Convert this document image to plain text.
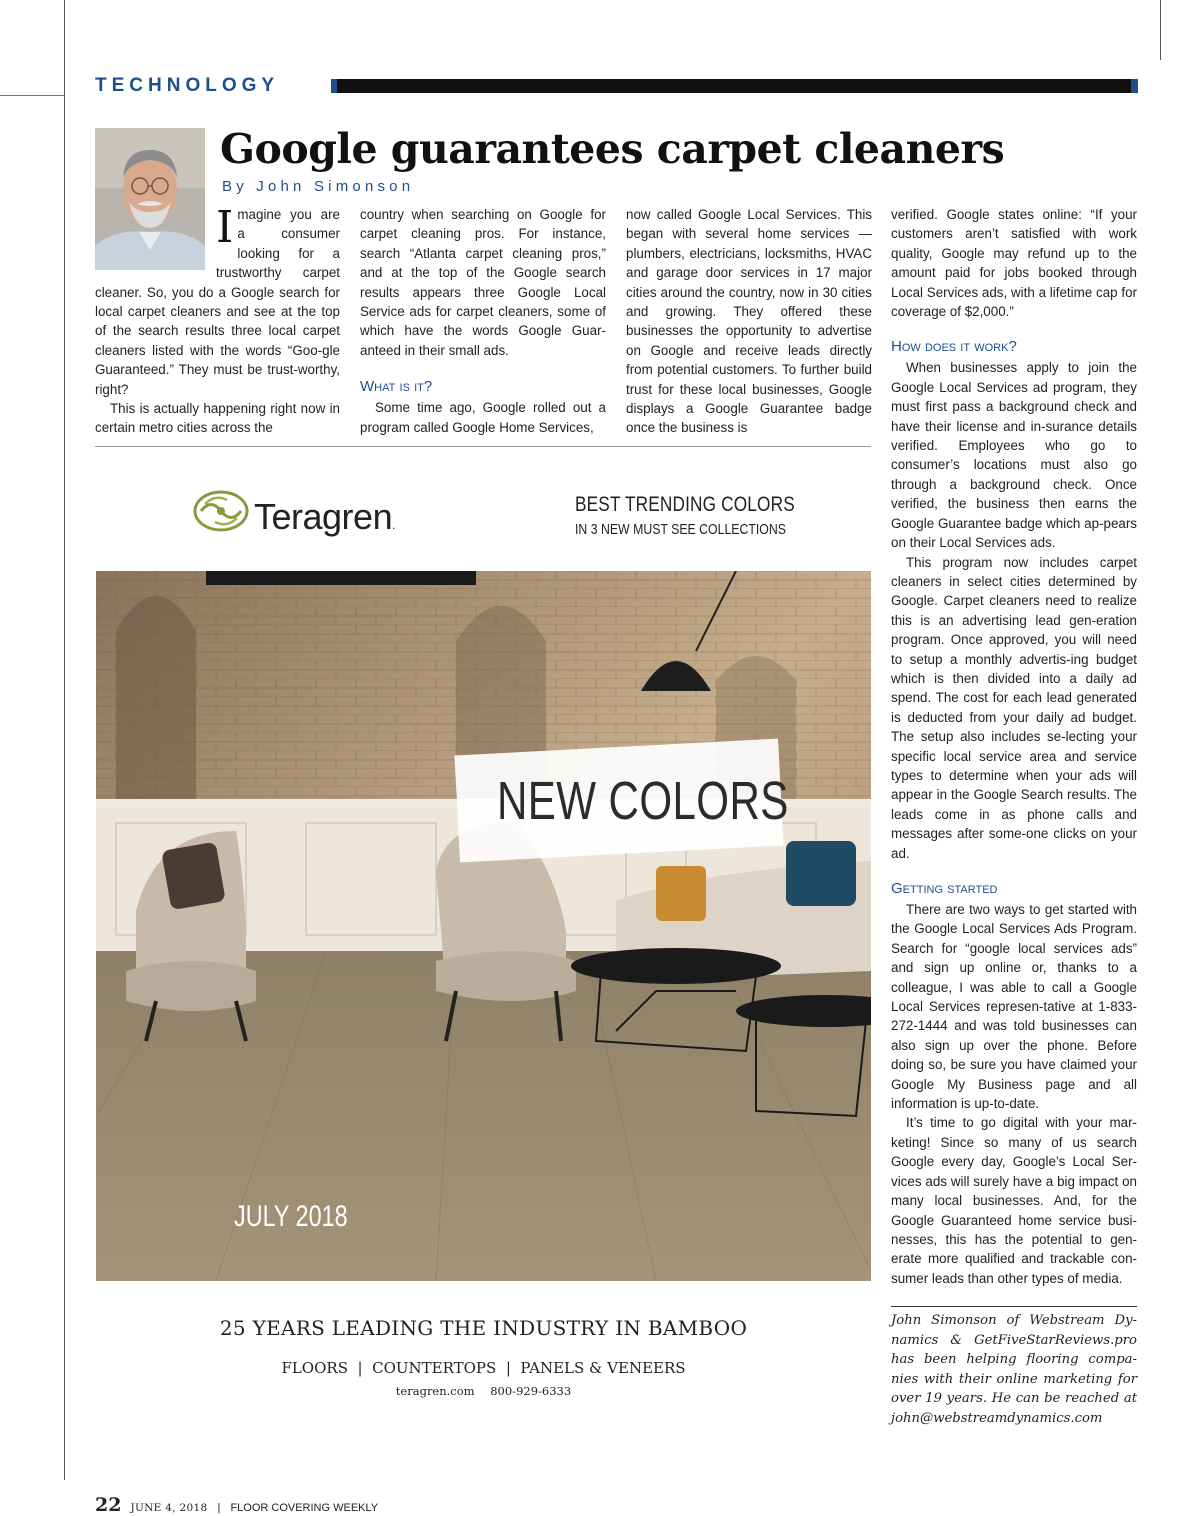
TECHNOLOGY
Google guarantees carpet cleaners
By John Simonson
I magine you are a consumer looking for a trustworthy carpet cleaner. So, you do a Google search for local carpet cleaners and see at the top of the search results three local carpet cleaners listed with the words “Goo-gle Guaranteed.” They must be trust-worthy, right?

This is actually happening right now in certain metro cities across the

country when searching on Google for carpet cleaning pros. For instance, search “Atlanta carpet cleaning pros,” and at the top of the Google search results appears three Google Local Service ads for carpet cleaners, some of which have the words Google Guar-anteed in their small ads.

What is it?

Some time ago, Google rolled out a program called Google Home Services,

now called Google Local Services. This began with several home services — plumbers, electricians, locksmiths, HVAC and garage door services in 17 major cities around the country, now in 30 cities and growing. They offered these businesses the opportunity to advertise on Google and receive leads directly from potential customers. To further build trust for these local businesses, Google displays a Google Guarantee badge once the business is

verified. Google states online: “If your customers aren’t satisfied with work quality, Google may refund up to the amount paid for jobs booked through Local Services ads, with a lifetime cap for coverage of $2,000.”

How does it work?

When businesses apply to join the Google Local Services ad program, they must first pass a background check and have their license and in-surance details verified. Employees who go to consumer’s locations must also go through a background check. Once verified, the business then earns the Google Guarantee badge which ap-pears on their Local Services ads.

This program now includes carpet cleaners in select cities determined by Google. Carpet cleaners need to realize this is an advertising lead gen-eration program. Once approved, you will need to setup a monthly advertis-ing budget which is then divided into a daily ad spend. The cost for each lead generated is deducted from your daily ad budget. The setup also includes se-lecting your specific local service area and service types to determine when your ads will appear in the Google Search results. The leads come in as phone calls and messages after some-one clicks on your ad.

Getting started

There are two ways to get started with the Google Local Services Ads Program. Search for “google local services ads” and sign up online or, thanks to a colleague, I was able to call a Google Local Services represen-tative at 1-833-272-1444 and was told businesses can also sign up over the phone. Before doing so, be sure you have claimed your Google My Business page and all information is up-to-date.

It’s time to go digital with your mar-keting! Since so many of us search Google every day, Google’s Local Ser-vices ads will surely have a big impact on many local businesses. And, for the Google Guaranteed home service busi-nesses, this has the potential to gen-erate more qualified and trackable con-sumer leads than other types of media.

Teragren.
BEST TRENDING COLORS
IN 3 NEW MUST SEE COLLECTIONS
NEW COLORS
JULY 2018
25 YEARS LEADING THE INDUSTRY IN BAMBOO
FLOORS  |  COUNTERTOPS  |  PANELS & VENEERS
teragren.com 800-929-6333
John Simonson of Webstream Dy-namics & GetFiveStarReviews.pro has been helping flooring compa-nies with their online marketing for over 19 years. He can be reached at john@webstreamdynamics.com
22 JUNE 4, 2018 | FLOOR COVERING WEEKLY
